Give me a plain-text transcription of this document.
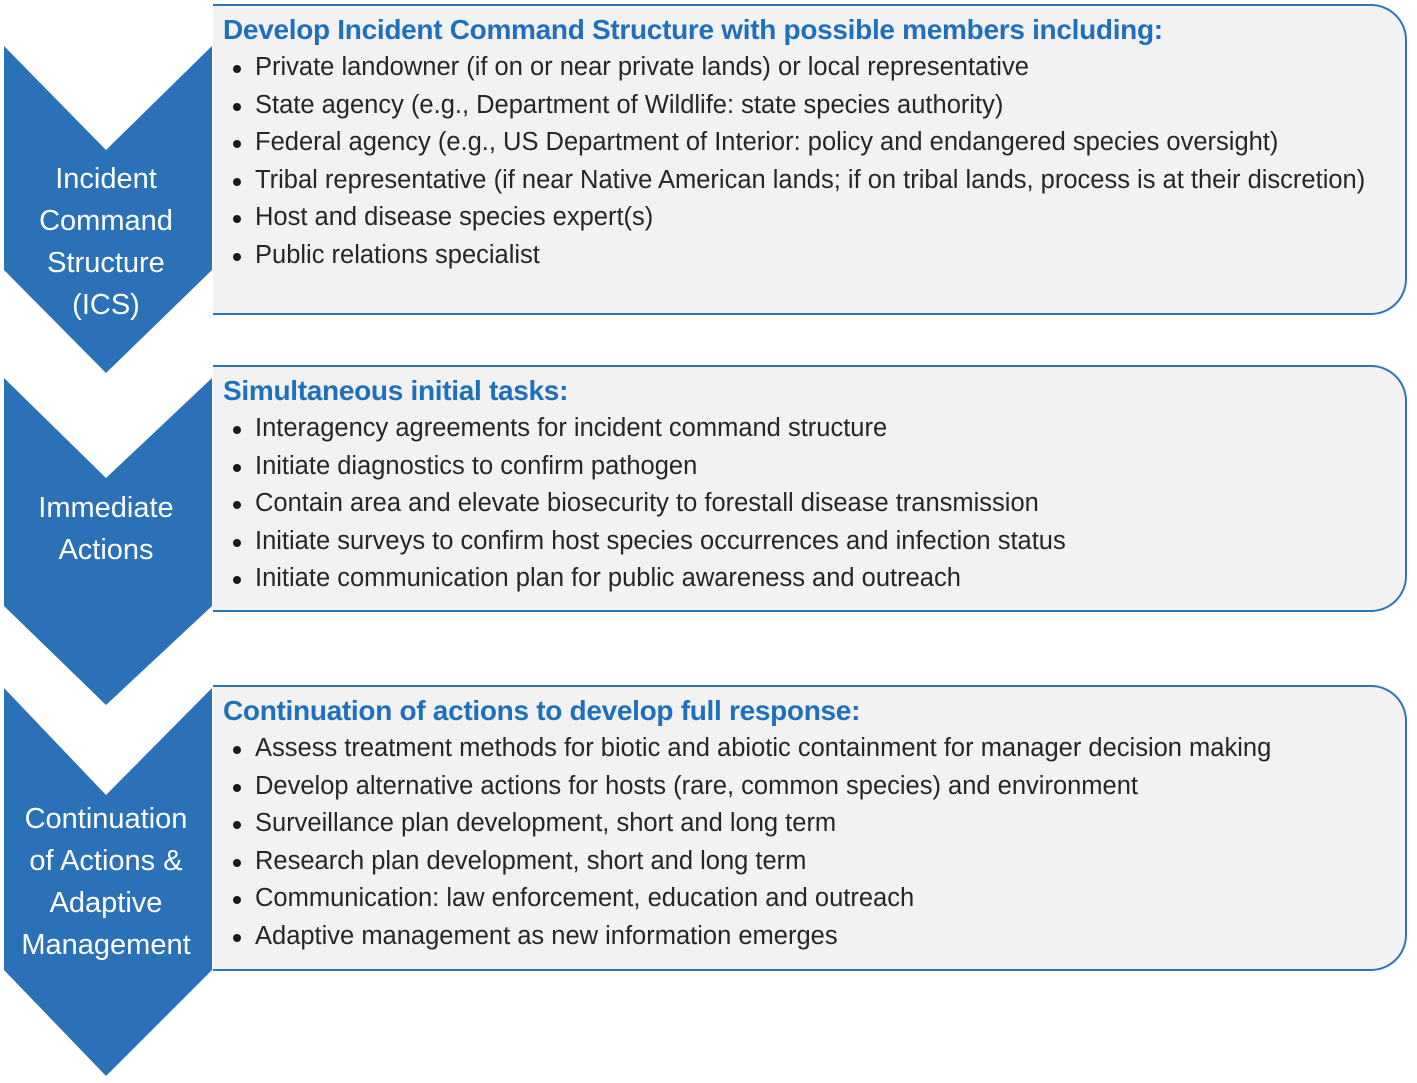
Incident
Command
Structure
(ICS)
Develop Incident Command Structure with possible members including:
Private landowner (if on or near private lands) or local representative
State agency (e.g., Department of Wildlife: state species authority)
Federal agency (e.g., US Department of Interior: policy and endangered species oversight)
Tribal representative (if near Native American lands; if on tribal lands, process is at their discretion)
Host and disease species expert(s)
Public relations specialist
Immediate
Actions
Simultaneous initial tasks:
Interagency agreements for incident command structure
Initiate diagnostics to confirm pathogen
Contain area and elevate biosecurity to forestall disease transmission
Initiate surveys to confirm host species occurrences and infection status
Initiate communication plan for public awareness and outreach
Continuation
of Actions &
Adaptive
Management
Continuation of actions to develop full response:
Assess treatment methods for biotic and abiotic containment for manager decision making
Develop alternative actions for hosts (rare, common species) and environment
Surveillance plan development, short and long term
Research plan development, short and long term
Communication: law enforcement, education and outreach
Adaptive management as new information emerges
